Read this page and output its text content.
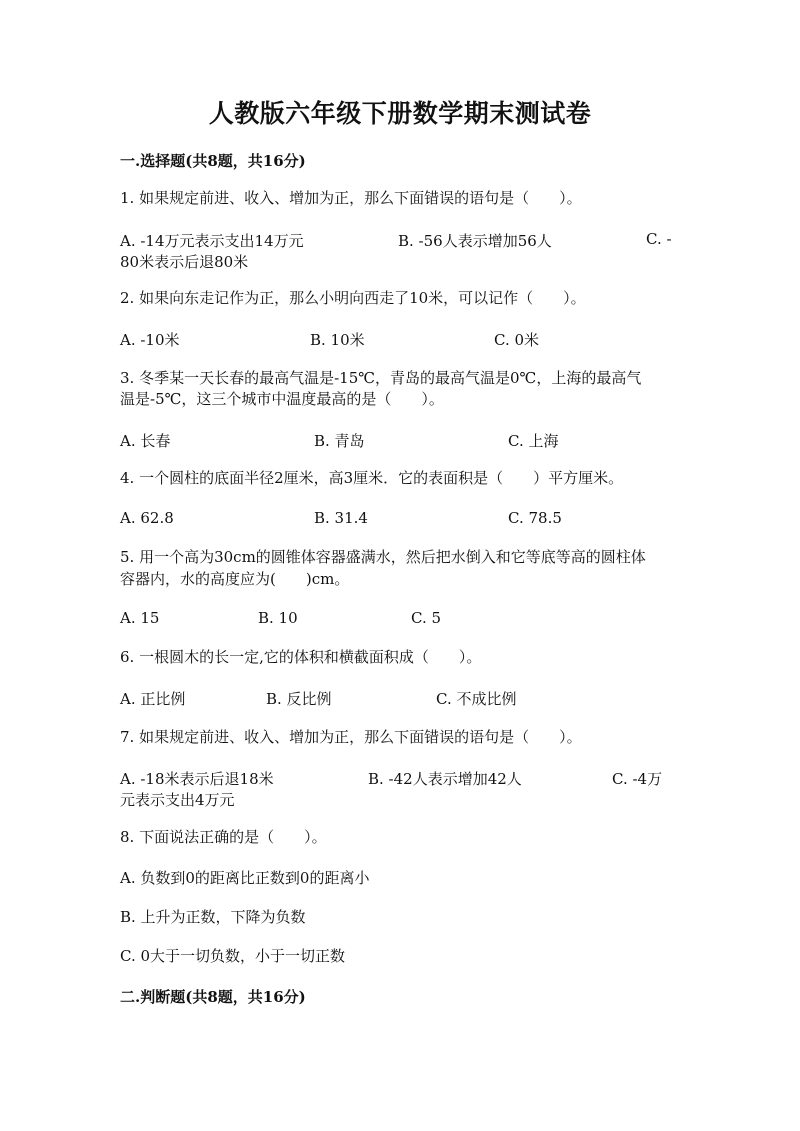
人教版六年级下册数学期末测试卷
一.选择题(共8题，共16分)
1. 如果规定前进、收入、增加为正，那么下面错误的语句是（　　）。
A. -14万元表示支出14万元	B. -56人表示增加56人	C. -
80米表示后退80米
2. 如果向东走记作为正，那么小明向西走了10米，可以记作（　　）。
A. -10米	B. 10米	C. 0米
3. 冬季某一天长春的最高气温是-15℃，青岛的最高气温是0℃，上海的最高气
温是-5℃，这三个城市中温度最高的是（　　）。
A. 长春	B. 青岛	C. 上海
4. 一个圆柱的底面半径2厘米，高3厘米．它的表面积是（　　）平方厘米。
A. 62.8	B. 31.4	C. 78.5
5. 用一个高为30cm的圆锥体容器盛满水，然后把水倒入和它等底等高的圆柱体
容器内，水的高度应为(　　)cm。
A. 15	B. 10	C. 5
6. 一根圆木的长一定,它的体积和横截面积成（　　）。
A. 正比例	B. 反比例	C. 不成比例
7. 如果规定前进、收入、增加为正，那么下面错误的语句是（　　）。
A. -18米表示后退18米	B. -42人表示增加42人	C. -4万
元表示支出4万元
8. 下面说法正确的是（　　）。
A. 负数到0的距离比正数到0的距离小
B. 上升为正数，下降为负数
C. 0大于一切负数，小于一切正数
二.判断题(共8题，共16分)
